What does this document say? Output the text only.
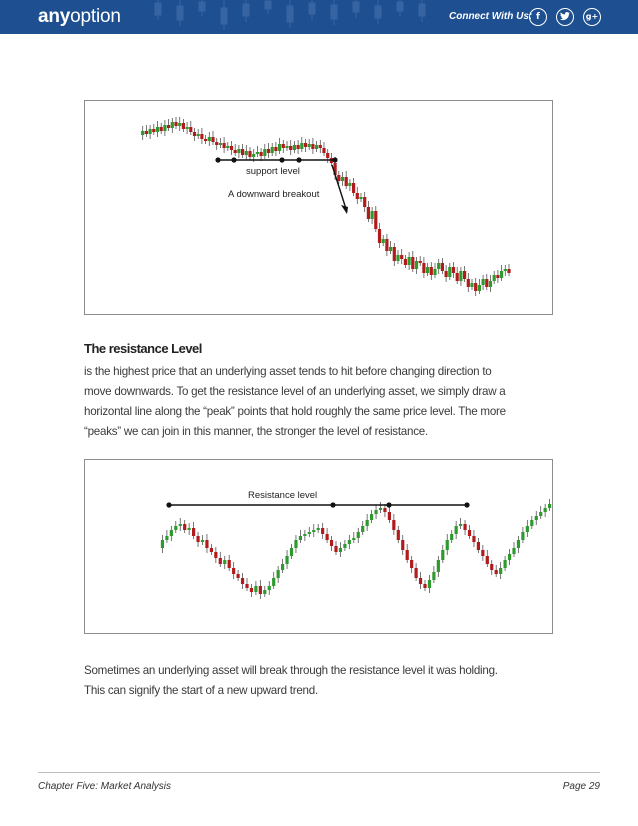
anyoption	Connect With Us: f	g+
support level
A downward breakout
The resistance Level
is the highest price that an underlying asset tends to hit before changing direction to
move downwards. To get the resistance level of an underlying asset, we simply draw a
horizontal line along the “peak” points that hold roughly the same price level. The more
“peaks” we can join in this manner, the stronger the level of resistance.
Resistance level
Sometimes an underlying asset will break through the resistance level it was holding.
This can signify the start of a new upward trend.
Chapter Five: Market Analysis	Page 29
